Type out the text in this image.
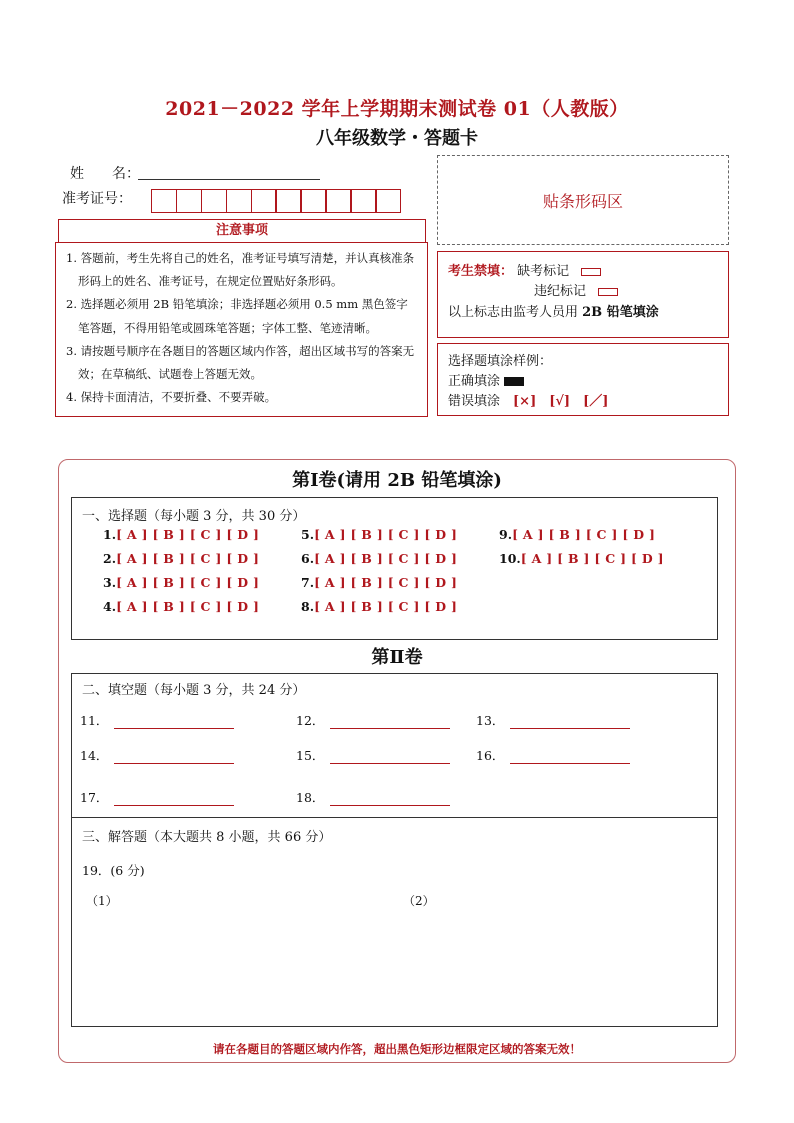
2021－2022 学年上学期期末测试卷 01（人教版）
八年级数学・答题卡
姓　　名：
准考证号：	贴条形码区
注意事项
1. 答题前，考生先将自己的姓名，准考证号填写清楚，并认真核准条形码上的姓名、准考证号，在规定位置贴好条形码。
2. 选择题必须用 2B 铅笔填涂；非选择题必须用 0.5 mm 黑色签字笔答题，不得用铅笔或圆珠笔答题；字体工整、笔迹清晰。
3. 请按题号顺序在各题目的答题区域内作答，超出区域书写的答案无效；在草稿纸、试题卷上答题无效。
4. 保持卡面清洁，不要折叠、不要弄破。
考生禁填： 缺考标记
违纪标记
以上标志由监考人员用 2B 铅笔填涂
选择题填涂样例：
正确填涂
错误填涂　 [×]　[√]　[／]
第Ⅰ卷(请用 2B 铅笔填涂)
一、选择题（每小题 3 分，共 30 分）
1.[ A ] [ B ] [ C ] [ D ]
2.[ A ] [ B ] [ C ] [ D ]
3.[ A ] [ B ] [ C ] [ D ]
4.[ A ] [ B ] [ C ] [ D ]
5.[ A ] [ B ] [ C ] [ D ]
6.[ A ] [ B ] [ C ] [ D ]
7.[ A ] [ B ] [ C ] [ D ]
8.[ A ] [ B ] [ C ] [ D ]
9.[ A ] [ B ] [ C ] [ D ]
10.[ A ] [ B ] [ C ] [ D ]
第Ⅱ卷
二、填空题（每小题 3 分，共 24 分）
11．	12．	13．
14．	15．	16．
17．	18．
三、解答题（本大题共 8 小题，共 66 分）
19．(6 分)
（1）	（2）
请在各题目的答题区域内作答，超出黑色矩形边框限定区域的答案无效！
